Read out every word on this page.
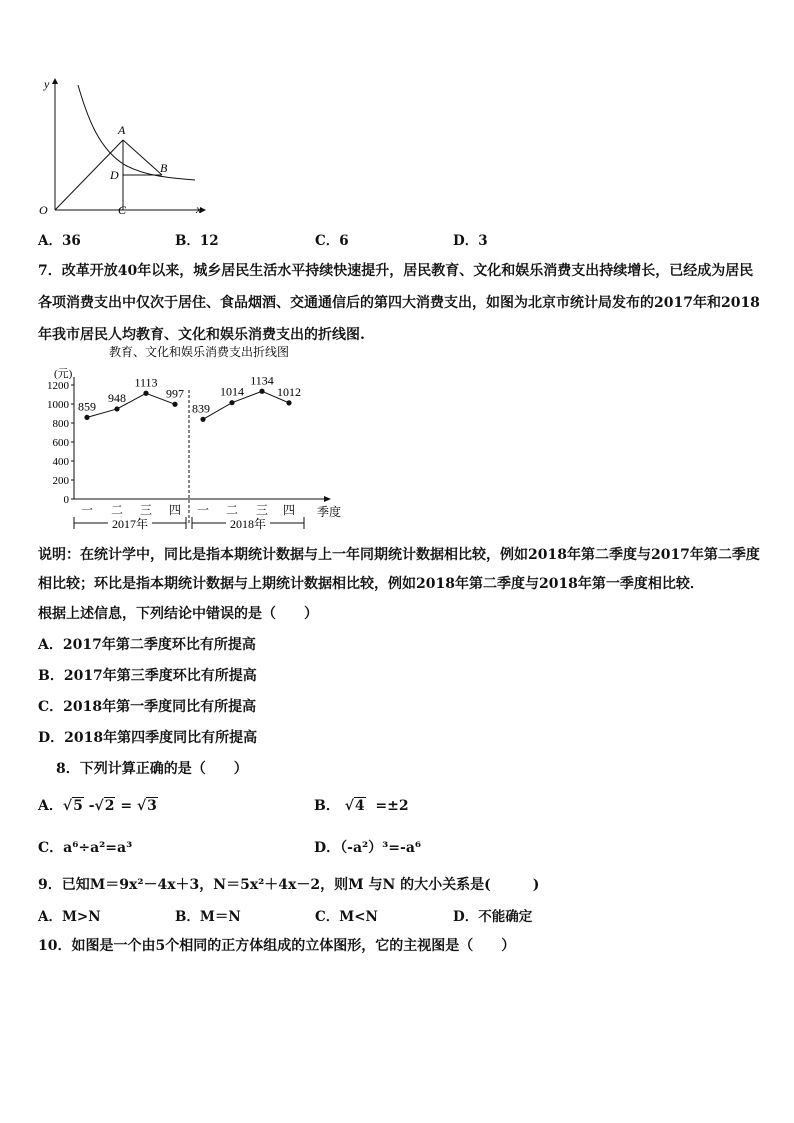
y
x
O
A
B
C
D
A．36	B．12	C．6	D．3
7．改革开放40年以来，城乡居民生活水平持续快速提升，居民教育、文化和娱乐消费支出持续增长，已经成为居民
各项消费支出中仅次于居住、食品烟酒、交通通信后的第四大消费支出，如图为北京市统计局发布的2017年和2018
年我市居民人均教育、文化和娱乐消费支出的折线图.
教育、文化和娱乐消费支出折线图
(元)
季度
0
200
400
600
800
1000
1200
一 二 三 四 一 二 三 四
2017年	2018年
859
948
1113
997
839
1014
1134
1012
说明：在统计学中，同比是指本期统计数据与上一年同期统计数据相比较，例如2018年第二季度与2017年第二季度
相比较；环比是指本期统计数据与上期统计数据相比较，例如2018年第二季度与2018年第一季度相比较．
根据上述信息，下列结论中错误的是（　　）
A．2017年第二季度环比有所提高
B．2017年第三季度环比有所提高
C．2018年第一季度同比有所提高
D．2018年第四季度同比有所提高
8．下列计算正确的是（　　）
A．√5 -√2 = √3	B． √4 =±2
C．a⁶÷a²=a³	D．（-a²）³=-a⁶
9．已知M＝9x²－4x＋3，N＝5x²＋4x－2，则M 与N 的大小关系是(　　　)
A．M>N	B．M＝N	C．M<N	D．不能确定
10．如图是一个由5个相同的正方体组成的立体图形，它的主视图是（　　）
